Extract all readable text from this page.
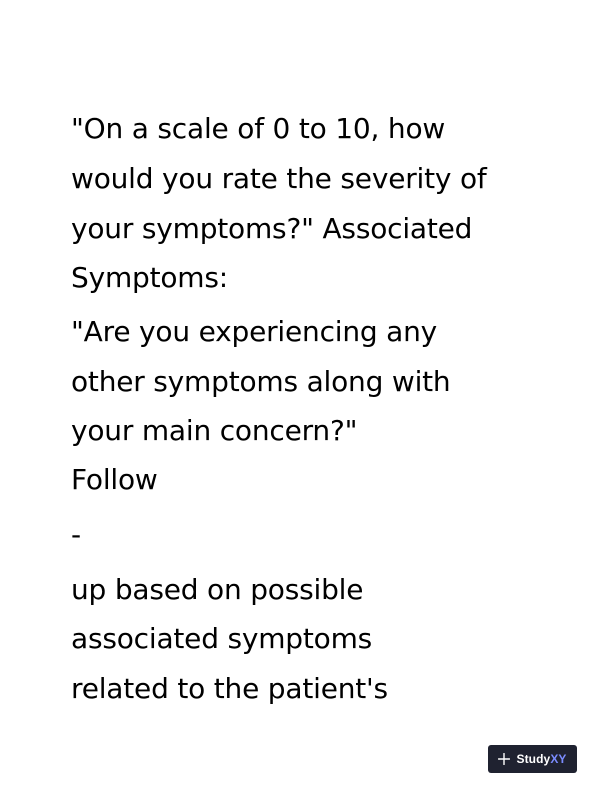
"On a scale of 0 to 10, how

would you rate the severity of

your symptoms?" Associated

Symptoms:

"Are you experiencing any

other symptoms along with

your main concern?"

Follow

-

up based on possible

associated symptoms

related to the patient's

StudyXY
